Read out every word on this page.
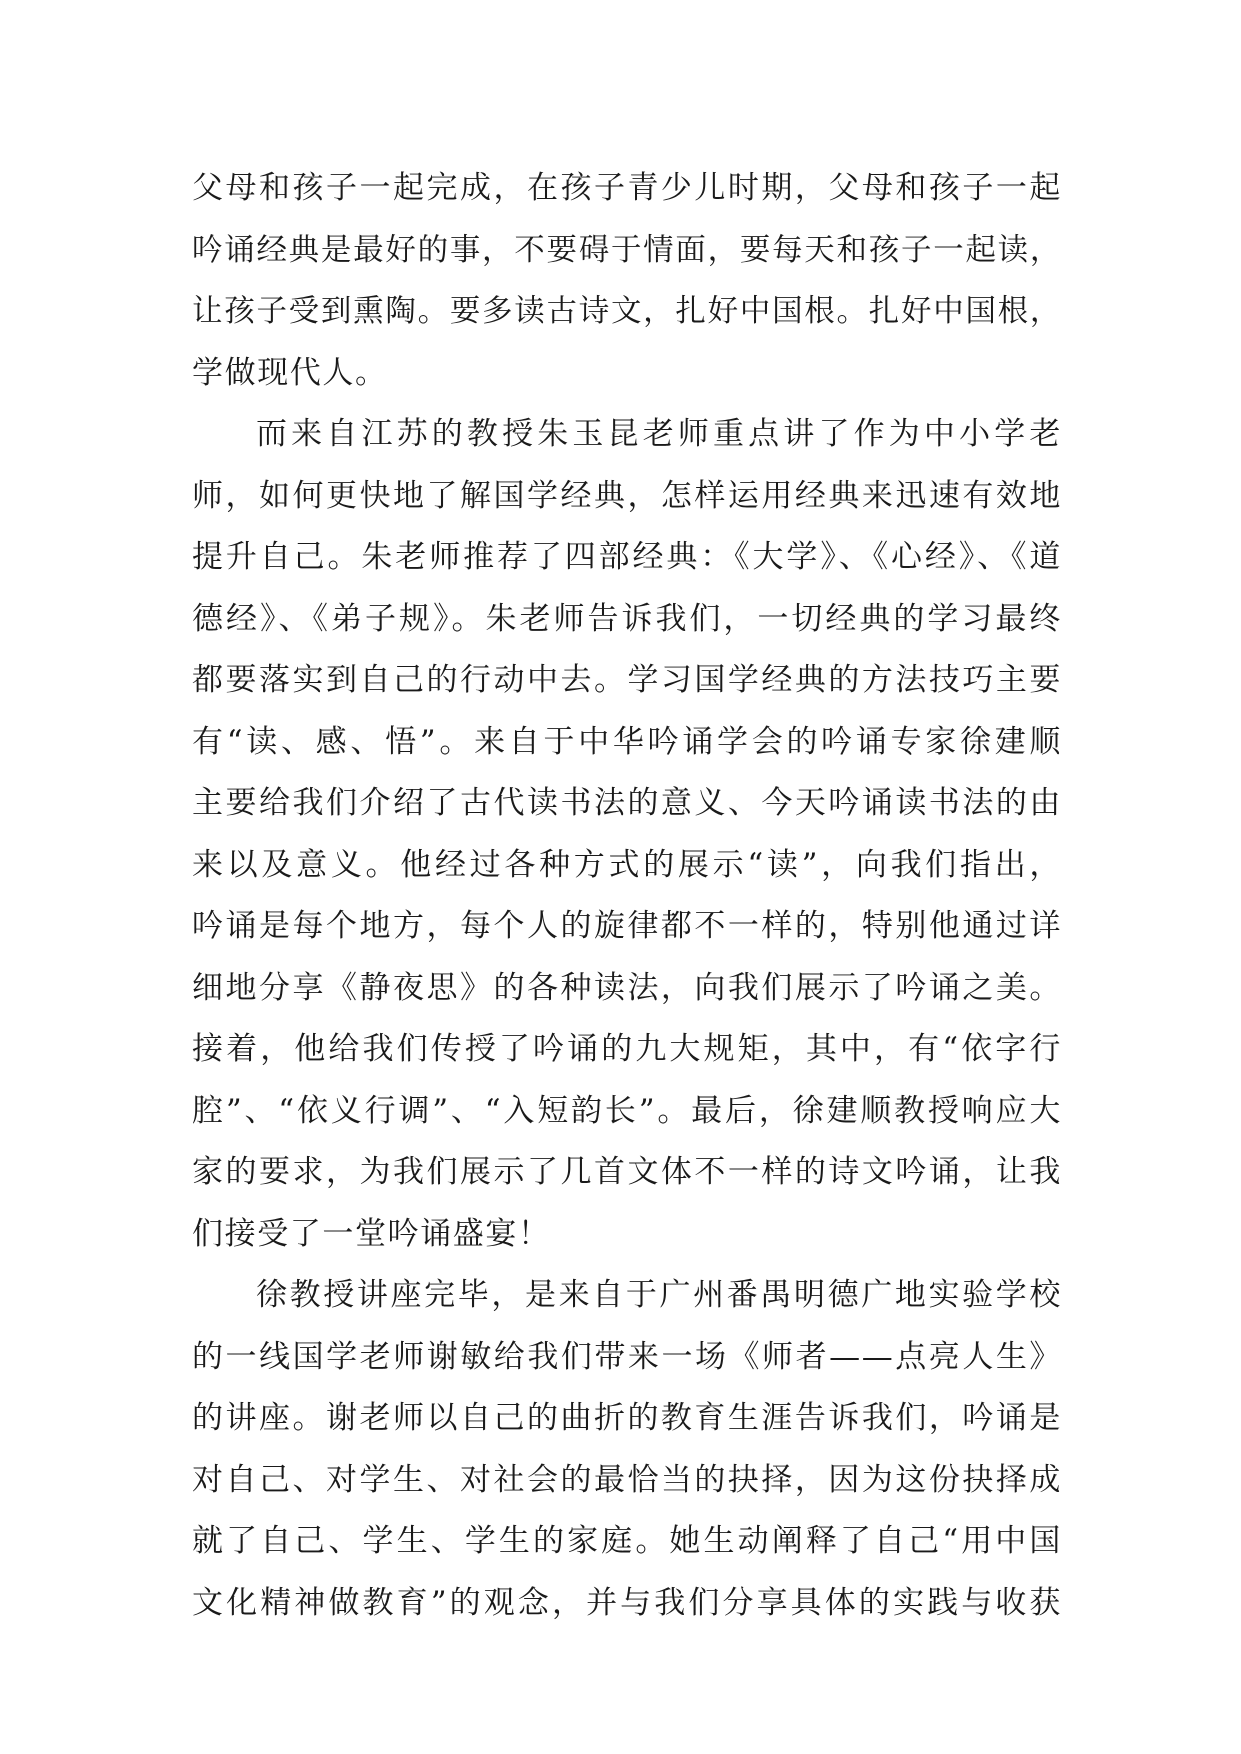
父母和孩子一起完成，在孩子青少儿时期，父母和孩子一起
吟诵经典是最好的事，不要碍于情面，要每天和孩子一起读，
让孩子受到熏陶。要多读古诗文，扎好中国根。扎好中国根，
学做现代人。
而来自江苏的教授朱玉昆老师重点讲了作为中小学老
师，如何更快地了解国学经典，怎样运用经典来迅速有效地
提升自己。朱老师推荐了四部经典：《大学》、《心经》、《道
德经》、《弟子规》。朱老师告诉我们，一切经典的学习最终
都要落实到自己的行动中去。学习国学经典的方法技巧主要
有“读、感、悟”。来自于中华吟诵学会的吟诵专家徐建顺
主要给我们介绍了古代读书法的意义、今天吟诵读书法的由
来以及意义。他经过各种方式的展示“读”，向我们指出，
吟诵是每个地方，每个人的旋律都不一样的，特别他通过详
细地分享《静夜思》的各种读法，向我们展示了吟诵之美。
接着，他给我们传授了吟诵的九大规矩，其中，有“依字行
腔”、“依义行调”、“入短韵长”。最后，徐建顺教授响应大
家的要求，为我们展示了几首文体不一样的诗文吟诵，让我
们接受了一堂吟诵盛宴！
徐教授讲座完毕，是来自于广州番禺明德广地实验学校
的一线国学老师谢敏给我们带来一场《师者——点亮人生》
的讲座。谢老师以自己的曲折的教育生涯告诉我们，吟诵是
对自己、对学生、对社会的最恰当的抉择，因为这份抉择成
就了自己、学生、学生的家庭。她生动阐释了自己“用中国
文化精神做教育”的观念，并与我们分享具体的实践与收获
